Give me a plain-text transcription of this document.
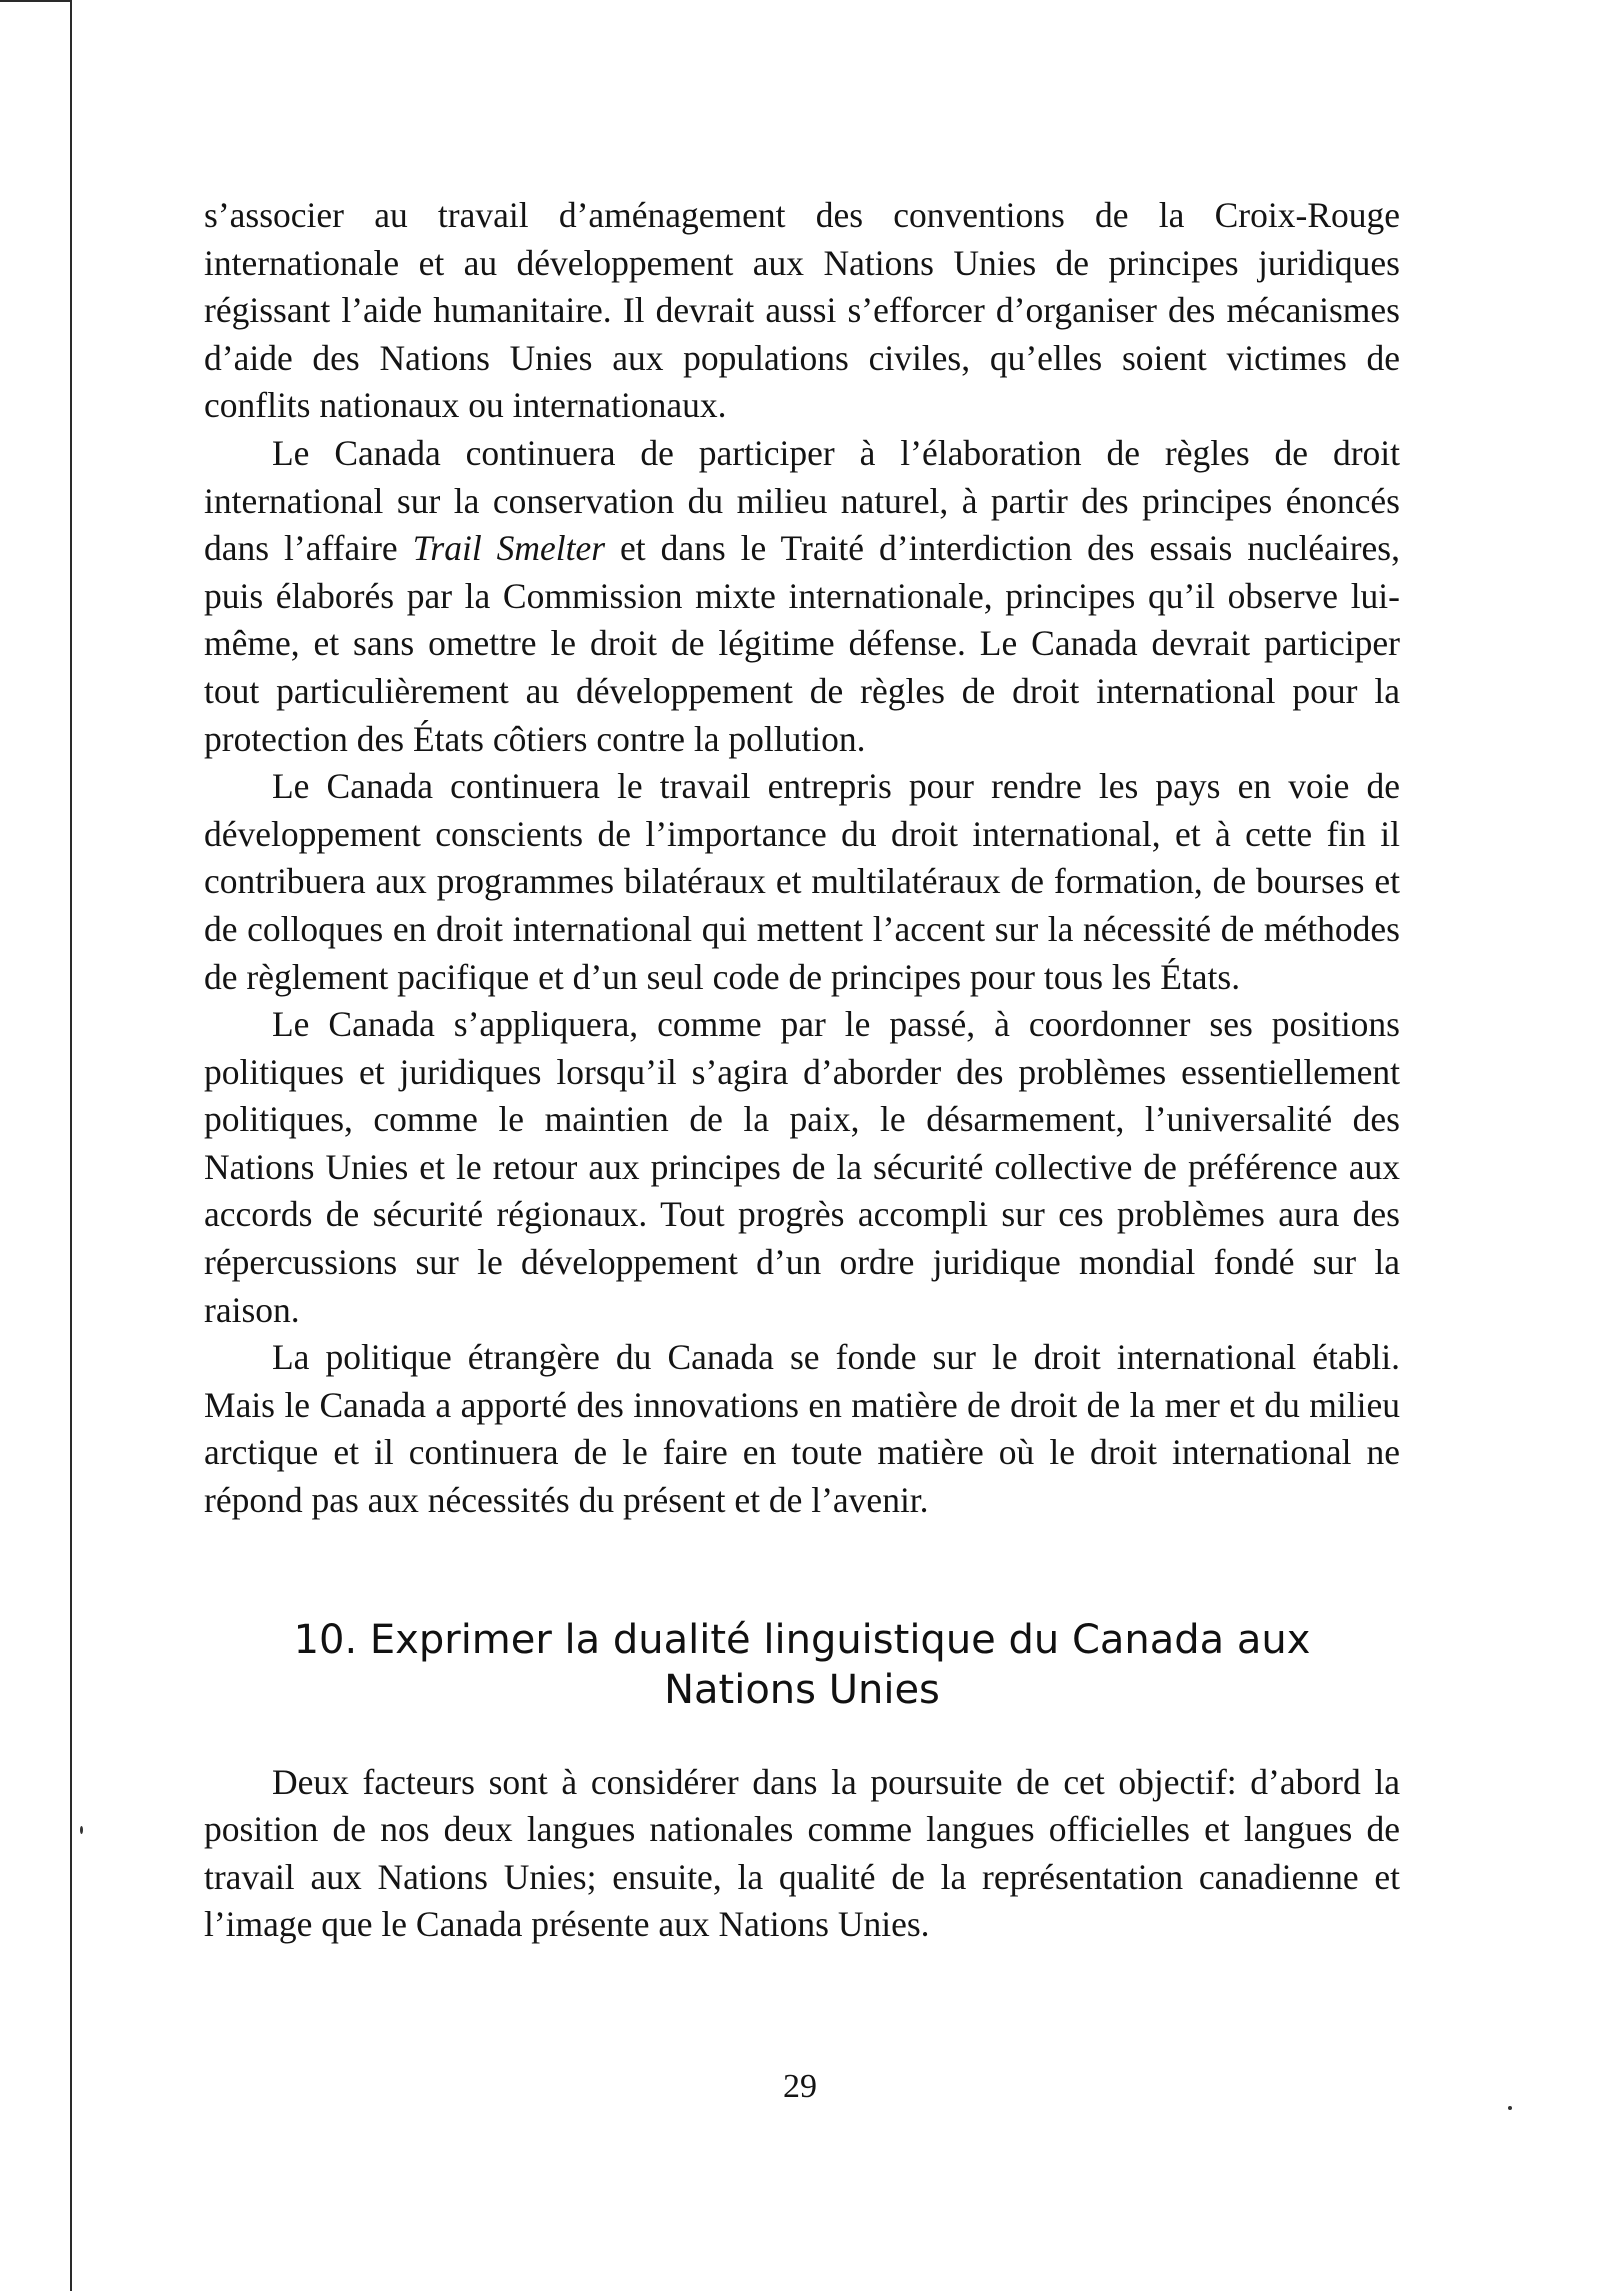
s’associer au travail d’aménagement des conventions de la Croix-Rouge internationale et au développement aux Nations Unies de principes juridiques régissant l’aide humanitaire. Il devrait aussi s’efforcer d’organiser des mécanismes d’aide des Nations Unies aux populations civiles, qu’elles soient victimes de conflits nationaux ou internationaux.

Le Canada continuera de participer à l’élaboration de règles de droit international sur la conservation du milieu naturel, à partir des principes énoncés dans l’affaire Trail Smelter et dans le Traité d’interdiction des essais nucléaires, puis élaborés par la Commission mixte internationale, principes qu’il observe lui-même, et sans omettre le droit de légitime défense. Le Canada devrait participer tout particulièrement au développement de règles de droit international pour la protection des États côtiers contre la pollution.

Le Canada continuera le travail entrepris pour rendre les pays en voie de développement conscients de l’importance du droit international, et à cette fin il contribuera aux programmes bilatéraux et multilatéraux de formation, de bourses et de colloques en droit international qui mettent l’accent sur la nécessité de méthodes de règlement pacifique et d’un seul code de principes pour tous les États.

Le Canada s’appliquera, comme par le passé, à coordonner ses positions politiques et juridiques lorsqu’il s’agira d’aborder des problèmes essentiellement politiques, comme le maintien de la paix, le désarmement, l’universalité des Nations Unies et le retour aux principes de la sécurité collective de préférence aux accords de sécurité régionaux. Tout progrès accompli sur ces problèmes aura des répercussions sur le développement d’un ordre juridique mondial fondé sur la raison.

La politique étrangère du Canada se fonde sur le droit international établi. Mais le Canada a apporté des innovations en matière de droit de la mer et du milieu arctique et il continuera de le faire en toute matière où le droit international ne répond pas aux nécessités du présent et de l’avenir.

10. Exprimer la dualité linguistique du Canada aux Nations Unies

Deux facteurs sont à considérer dans la poursuite de cet objectif: d’abord la position de nos deux langues nationales comme langues officielles et langues de travail aux Nations Unies; ensuite, la qualité de la représentation canadienne et l’image que le Canada présente aux Nations Unies.

29
